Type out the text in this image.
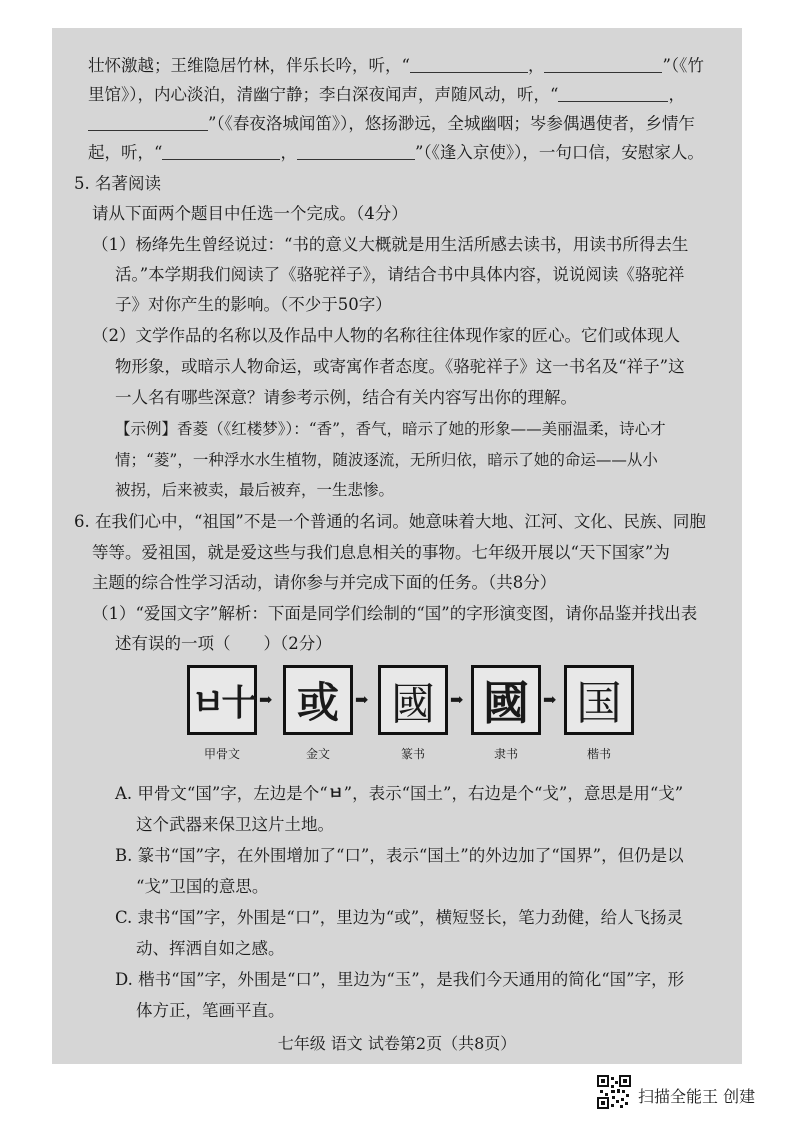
壮怀激越；王维隐居竹林，伴乐长吟，听，“	，	”（《竹
里馆》），内心淡泊，清幽宁静；李白深夜闻声，声随风动，听，“	，
”（《春夜洛城闻笛》），悠扬渺远，全城幽咽；岑参偶遇使者，乡情乍
起，听，“	，	”（《逢入京使》），一句口信，安慰家人。
5. 名著阅读
请从下面两个题目中任选一个完成。（4分）
（1）杨绛先生曾经说过：“书的意义大概就是用生活所感去读书，用读书所得去生
活。”本学期我们阅读了《骆驼祥子》，请结合书中具体内容，说说阅读《骆驼祥
子》对你产生的影响。（不少于50字）
（2）文学作品的名称以及作品中人物的名称往往体现作家的匠心。它们或体现人
物形象，或暗示人物命运，或寄寓作者态度。《骆驼祥子》这一书名及“祥子”这
一人名有哪些深意？请参考示例，结合有关内容写出你的理解。
【示例】香菱（《红楼梦》）：“香”，香气，暗示了她的形象——美丽温柔，诗心才
情；“菱”，一种浮水水生植物，随波逐流，无所归依，暗示了她的命运——从小
被拐，后来被卖，最后被弃，一生悲惨。
6. 在我们心中，“祖国”不是一个普通的名词。她意味着大地、江河、文化、民族、同胞
等等。爱祖国，就是爱这些与我们息息相关的事物。七年级开展以“天下国家”为
主题的综合性学习活动，请你参与并完成下面的任务。（共8分）
（1）“爱国文字”解析：下面是同学们绘制的“国”的字形演变图，请你品鉴并找出表
述有误的一项（　　）（2分）
ㅂ十 ➡ 或 ➡ 國 ➡ 國 ➡ 国
甲骨文	金文	篆书	隶书	楷书
A. 甲骨文“国”字，左边是个“ㅂ”，表示“国土”，右边是个“戈”，意思是用“戈”
这个武器来保卫这片土地。
B. 篆书“国”字，在外围增加了“口”，表示“国土”的外边加了“国界”，但仍是以
“戈”卫国的意思。
C. 隶书“国”字，外围是“口”，里边为“或”，横短竖长，笔力劲健，给人飞扬灵
动、挥洒自如之感。
D. 楷书“国”字，外围是“口”，里边为“玉”，是我们今天通用的简化“国”字，形
体方正，笔画平直。
七年级 语文 试卷第2页（共8页）
扫描全能王 创建
